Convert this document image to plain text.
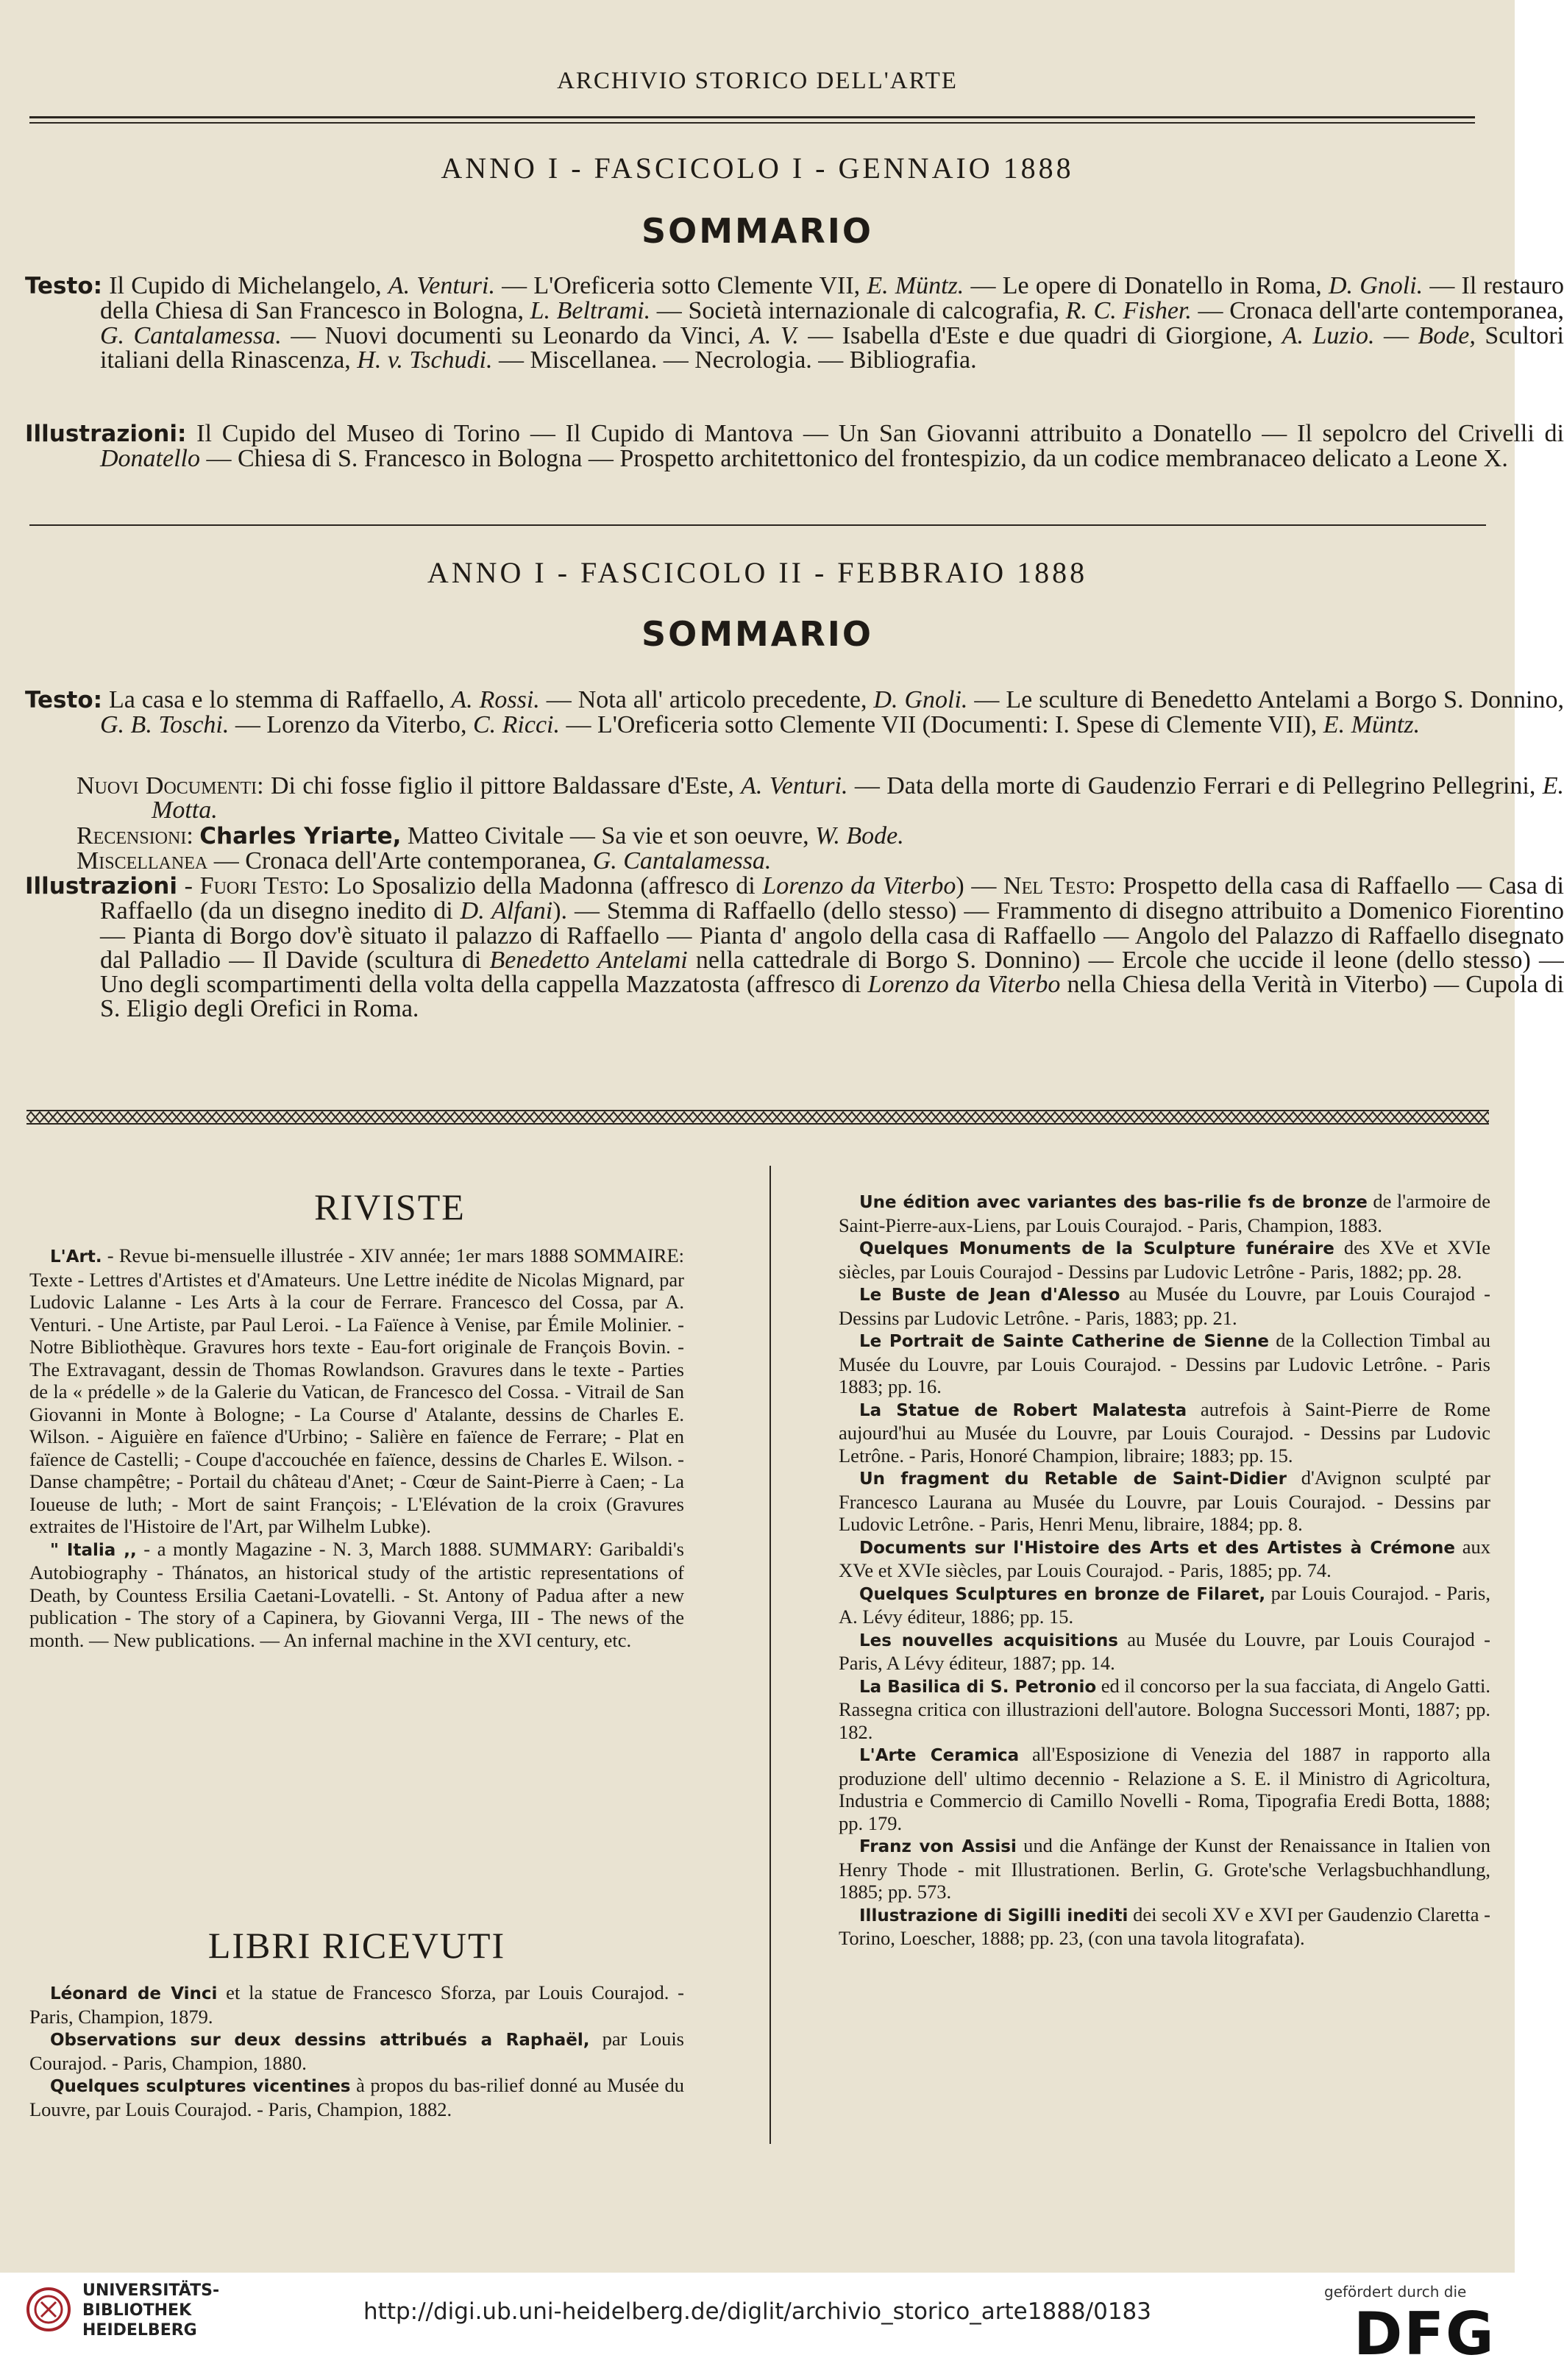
ARCHIVIO STORICO DELL'ARTE
ANNO I - FASCICOLO I - GENNAIO 1888
SOMMARIO
Testo: Il Cupido di Michelangelo, A. Venturi. — L'Oreficeria sotto Clemente VII, E. Müntz. — Le opere di Donatello in Roma, D. Gnoli. — Il restauro della Chiesa di San Francesco in Bologna, L. Beltrami. — Società internazionale di calcografia, R. C. Fisher. — Cronaca dell'arte contemporanea, G. Cantalamessa. — Nuovi documenti su Leonardo da Vinci, A. V. — Isabella d'Este e due quadri di Giorgione, A. Luzio. — Bode, Scultori italiani della Rinascenza, H. v. Tschudi. — Miscellanea. — Necrologia. — Bibliografia.
Illustrazioni: Il Cupido del Museo di Torino — Il Cupido di Mantova — Un San Giovanni attribuito a Donatello — Il sepolcro del Crivelli di Donatello — Chiesa di S. Francesco in Bologna — Prospetto architettonico del frontespizio, da un codice membranaceo delicato a Leone X.
ANNO I - FASCICOLO II - FEBBRAIO 1888
SOMMARIO
Testo: La casa e lo stemma di Raffaello, A. Rossi. — Nota all' articolo precedente, D. Gnoli. — Le sculture di Benedetto Antelami a Borgo S. Donnino, G. B. Toschi. — Lorenzo da Viterbo, C. Ricci. — L'Oreficeria sotto Clemente VII (Documenti: I. Spese di Clemente VII), E. Müntz.
Nuovi Documenti: Di chi fosse figlio il pittore Baldassare d'Este, A. Venturi. — Data della morte di Gaudenzio Ferrari e di Pellegrino Pellegrini, E. Motta.
Recensioni: Charles Yriarte, Matteo Civitale — Sa vie et son oeuvre, W. Bode.
Miscellanea — Cronaca dell'Arte contemporanea, G. Cantalamessa.
Illustrazioni - Fuori Testo: Lo Sposalizio della Madonna (affresco di Lorenzo da Viterbo) — Nel Testo: Prospetto della casa di Raffaello — Casa di Raffaello (da un disegno inedito di D. Alfani). — Stemma di Raffaello (dello stesso) — Frammento di disegno attribuito a Domenico Fiorentino — Pianta di Borgo dov'è situato il palazzo di Raffaello — Pianta d' angolo della casa di Raffaello — Angolo del Palazzo di Raffaello disegnato dal Palladio — Il Davide (scultura di Benedetto Antelami nella cattedrale di Borgo S. Donnino) — Ercole che uccide il leone (dello stesso) — Uno degli scompartimenti della volta della cappella Mazzatosta (affresco di Lorenzo da Viterbo nella Chiesa della Verità in Viterbo) — Cupola di S. Eligio degli Orefici in Roma.
RIVISTE

L'Art. - Revue bi-mensuelle illustrée - XIV année; 1er mars 1888 SOMMAIRE: Texte - Lettres d'Artistes et d'Amateurs. Une Lettre inédite de Nicolas Mignard, par Ludovic Lalanne - Les Arts à la cour de Ferrare. Francesco del Cossa, par A. Venturi. - Une Artiste, par Paul Leroi. - La Faïence à Venise, par Émile Molinier. - Notre Bibliothèque. Gravures hors texte - Eau-fort originale de François Bovin. - The Extravagant, dessin de Thomas Rowlandson. Gravures dans le texte - Parties de la « prédelle » de la Galerie du Vatican, de Francesco del Cossa. - Vitrail de San Giovanni in Monte à Bologne; - La Course d' Atalante, dessins de Charles E. Wilson. - Aiguière en faïence d'Urbino; - Salière en faïence de Ferrare; - Plat en faïence de Castelli; - Coupe d'accouchée en faïence, dessins de Charles E. Wilson. - Danse champêtre; - Portail du château d'Anet; - Cœur de Saint-Pierre à Caen; - La Ioueuse de luth; - Mort de saint François; - L'Elévation de la croix (Gravures extraites de l'Histoire de l'Art, par Wilhelm Lubke).

" Italia ,, - a montly Magazine - N. 3, March 1888. SUMMARY: Garibaldi's Autobiography - Thánatos, an historical study of the artistic representations of Death, by Countess Ersilia Caetani-Lovatelli. - St. Antony of Padua after a new publication - The story of a Capinera, by Giovanni Verga, III - The news of the month. — New publications. — An infernal machine in the XVI century, etc.

LIBRI RICEVUTI

Léonard de Vinci et la statue de Francesco Sforza, par Louis Courajod. - Paris, Champion, 1879.

Observations sur deux dessins attribués a Raphaël, par Louis Courajod. - Paris, Champion, 1880.

Quelques sculptures vicentines à propos du bas-rilief donné au Musée du Louvre, par Louis Courajod. - Paris, Champion, 1882.

Une édition avec variantes des bas-rilie fs de bronze de l'armoire de Saint-Pierre-aux-Liens, par Louis Courajod. - Paris, Champion, 1883.

Quelques Monuments de la Sculpture funéraire des XVe et XVIe siècles, par Louis Courajod - Dessins par Ludovic Letrône - Paris, 1882; pp. 28.

Le Buste de Jean d'Alesso au Musée du Louvre, par Louis Courajod - Dessins par Ludovic Letrône. - Paris, 1883; pp. 21.

Le Portrait de Sainte Catherine de Sienne de la Collection Timbal au Musée du Louvre, par Louis Courajod. - Dessins par Ludovic Letrône. - Paris 1883; pp. 16.

La Statue de Robert Malatesta autrefois à Saint-Pierre de Rome aujourd'hui au Musée du Louvre, par Louis Courajod. - Dessins par Ludovic Letrône. - Paris, Honoré Champion, libraire; 1883; pp. 15.

Un fragment du Retable de Saint-Didier d'Avignon sculpté par Francesco Laurana au Musée du Louvre, par Louis Courajod. - Dessins par Ludovic Letrône. - Paris, Henri Menu, libraire, 1884; pp. 8.

Documents sur l'Histoire des Arts et des Artistes à Crémone aux XVe et XVIe siècles, par Louis Courajod. - Paris, 1885; pp. 74.

Quelques Sculptures en bronze de Filaret, par Louis Courajod. - Paris, A. Lévy éditeur, 1886; pp. 15.

Les nouvelles acquisitions au Musée du Louvre, par Louis Courajod - Paris, A Lévy éditeur, 1887; pp. 14.

La Basilica di S. Petronio ed il concorso per la sua facciata, di Angelo Gatti. Rassegna critica con illustrazioni dell'autore. Bologna Successori Monti, 1887; pp. 182.

L'Arte Ceramica all'Esposizione di Venezia del 1887 in rapporto alla produzione dell' ultimo decennio - Relazione a S. E. il Ministro di Agricoltura, Industria e Commercio di Camillo Novelli - Roma, Tipografia Eredi Botta, 1888; pp. 179.

Franz von Assisi und die Anfänge der Kunst der Renaissance in Italien von Henry Thode - mit Illustrationen. Berlin, G. Grote'sche Verlagsbuchhandlung, 1885; pp. 573.

Illustrazione di Sigilli inediti dei secoli XV e XVI per Gaudenzio Claretta - Torino, Loescher, 1888; pp. 23, (con una tavola litografata).

UNIVERSITÄTS-
BIBLIOTHEK
HEIDELBERG
http://digi.ub.uni-heidelberg.de/diglit/archivio_storico_arte1888/0183
gefördert durch die
DFG
